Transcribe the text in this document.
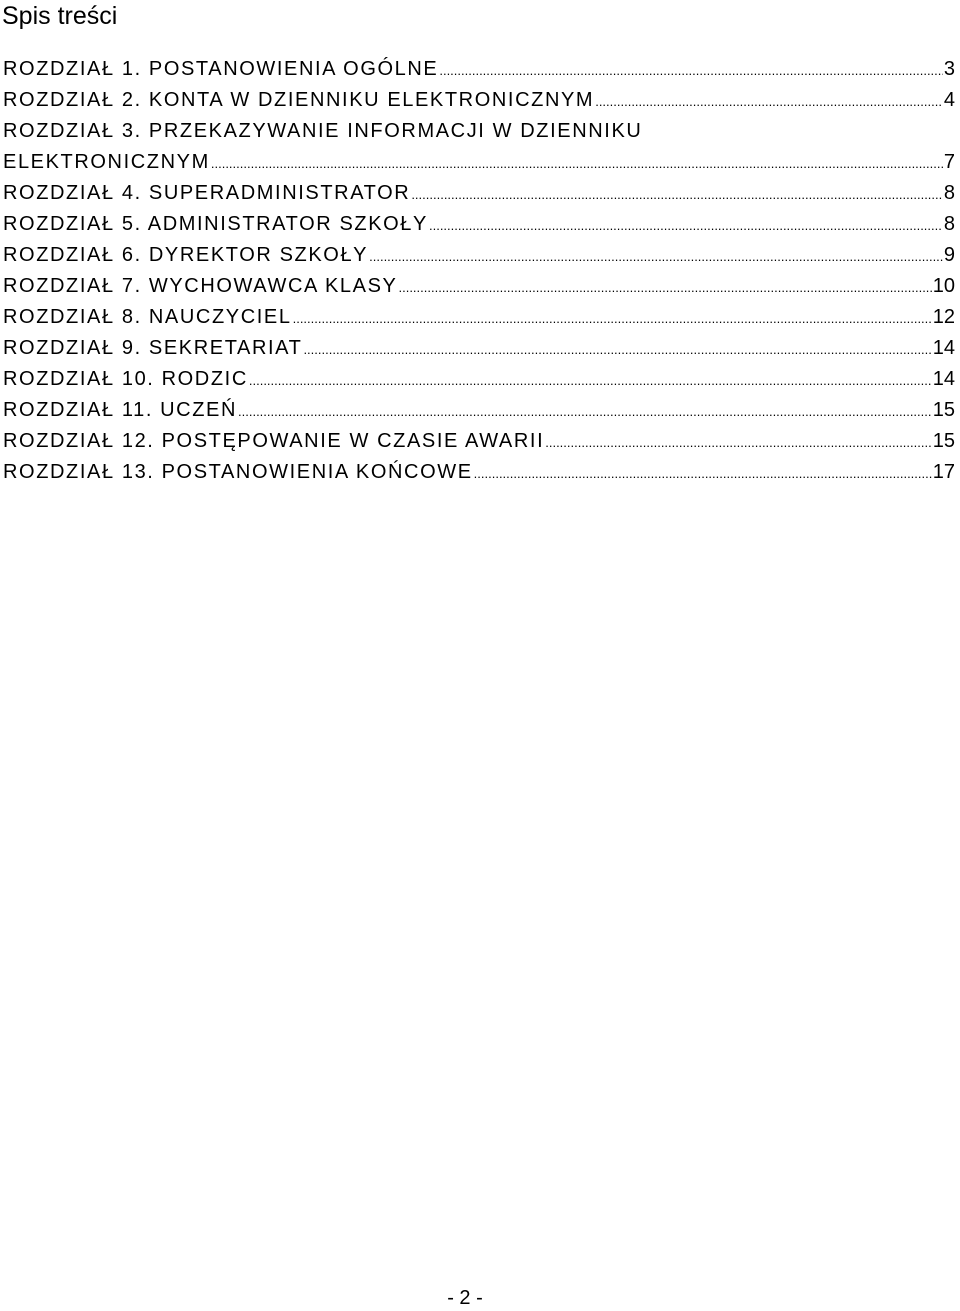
Spis treści
ROZDZIAŁ 1. POSTANOWIENIA OGÓLNE .....	3
ROZDZIAŁ 2. KONTA W DZIENNIKU ELEKTRONICZNYM .....	4
ROZDZIAŁ 3. PRZEKAZYWANIE INFORMACJI W DZIENNIKU
ELEKTRONICZNYM .....	7
ROZDZIAŁ 4. SUPERADMINISTRATOR .....	8
ROZDZIAŁ 5. ADMINISTRATOR SZKOŁY .....	8
ROZDZIAŁ 6. DYREKTOR SZKOŁY .....	9
ROZDZIAŁ 7. WYCHOWAWCA KLASY .....	10
ROZDZIAŁ 8. NAUCZYCIEL .....	12
ROZDZIAŁ 9. SEKRETARIAT .....	14
ROZDZIAŁ 10. RODZIC .....	14
ROZDZIAŁ 11. UCZEŃ .....	15
ROZDZIAŁ 12. POSTĘPOWANIE W CZASIE AWARII .....	15
ROZDZIAŁ 13. POSTANOWIENIA KOŃCOWE .....	17
- 2 -
